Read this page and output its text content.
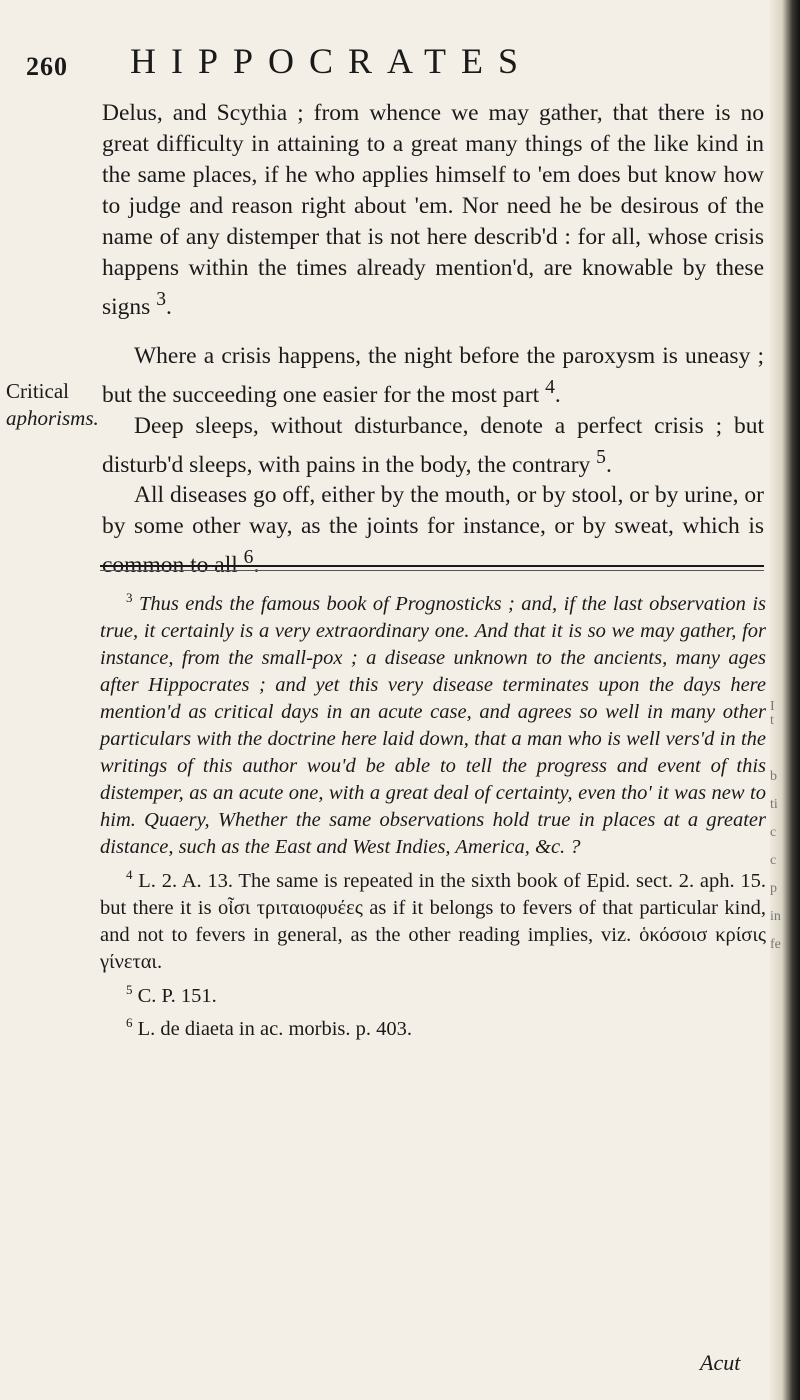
I
t
b

ti

c

c

p

in

fe
260 HIPPOCRATES
Critical
aphorisms.

Delus, and Scythia ; from whence we may gather, that there is no great difficulty in attaining to a great many things of the like kind in the same places, if he who applies himself to 'em does but know how to judge and reason right about 'em. Nor need he be desirous of the name of any distemper that is not here describ'd : for all, whose crisis happens within the times already mention'd, are knowable by these signs $^3$.

Where a crisis happens, the night before the paroxysm is uneasy ; but the succeeding one easier for the most part $^4$.

Deep sleeps, without disturbance, denote a perfect crisis ; but disturb'd sleeps, with pains in the body, the contrary $^5$.

All diseases go off, either by the mouth, or by stool, or by urine, or by some other way, as the joints for instance, or by sweat, which is common to all $^6$.

$^3$ Thus ends the famous book of Prognosticks ; and, if the last observation is true, it certainly is a very extraordinary one. And that it is so we may gather, for instance, from the small-pox ; a disease unknown to the ancients, many ages after Hippocrates ; and yet this very disease terminates upon the days here mention'd as critical days in an acute case, and agrees so well in many other particulars with the doctrine here laid down, that a man who is well vers'd in the writings of this author wou'd be able to tell the progress and event of this distemper, as an acute one, with a great deal of certainty, even tho' it was new to him. Quaery, Whether the same observations hold true in places at a greater distance, such as the East and West Indies, America, &c. ?

$^4$ L. 2. A. 13. The same is repeated in the sixth book of Epid. sect. 2. aph. 15. but there it is οἶσι τριταιοφυέες as if it belongs to fevers of that particular kind, and not to fevers in general, as the other reading implies, viz. ὁκόσοισ κρίσις γίνεται.

$^5$ C. P. 151.

$^6$ L. de diaeta in ac. morbis. p. 403.

Acut
